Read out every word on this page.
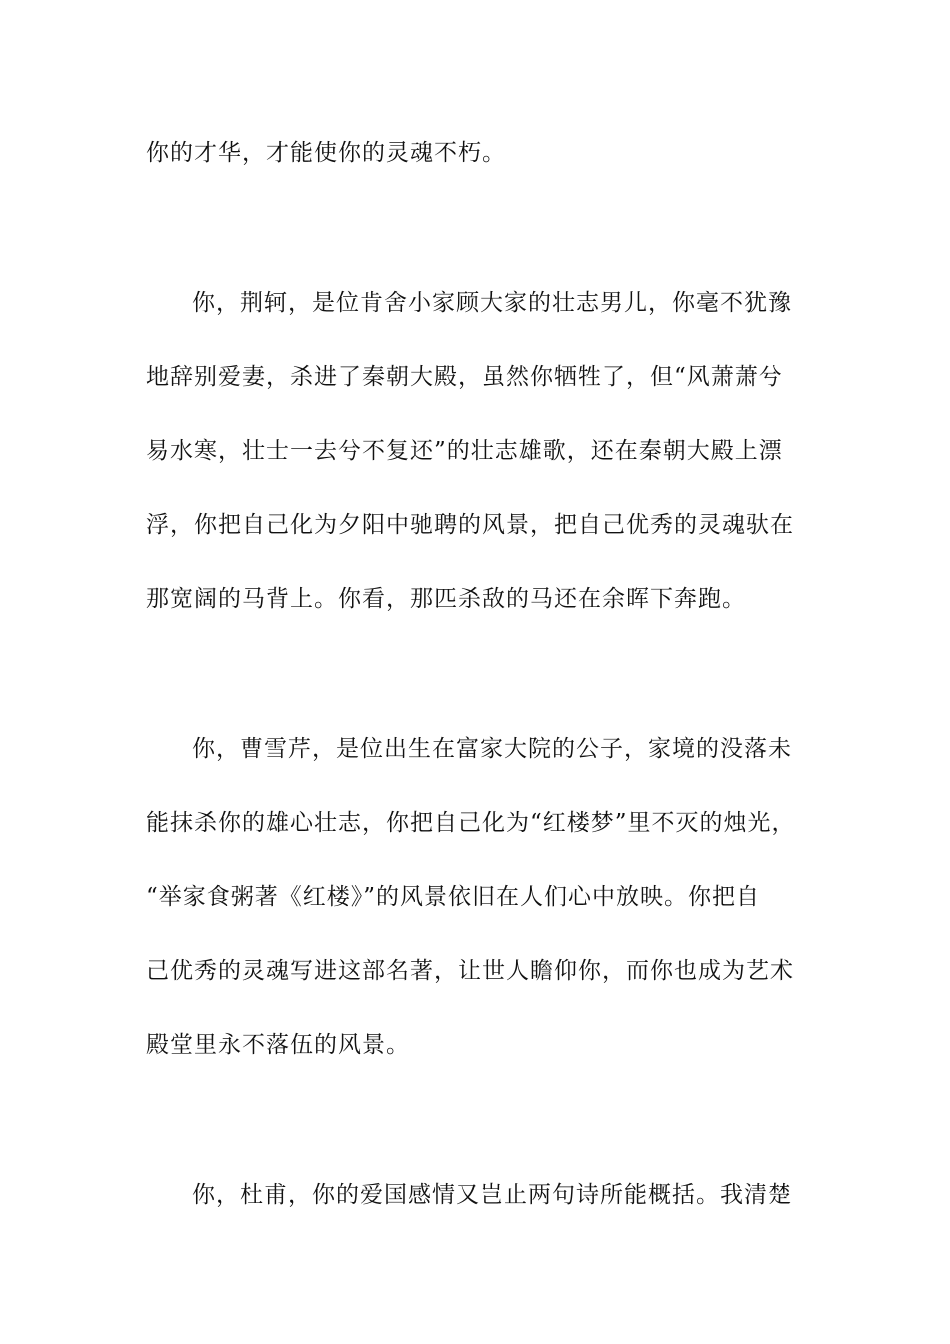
你的才华，才能使你的灵魂不朽。
你，荆轲，是位肯舍小家顾大家的壮志男儿，你毫不犹豫
地辞别爱妻，杀进了秦朝大殿，虽然你牺牲了，但“风萧萧兮
易水寒，壮士一去兮不复还”的壮志雄歌，还在秦朝大殿上漂
浮，你把自己化为夕阳中驰聘的风景，把自己优秀的灵魂驮在
那宽阔的马背上。你看，那匹杀敌的马还在余晖下奔跑。
你，曹雪芹，是位出生在富家大院的公子，家境的没落未
能抹杀你的雄心壮志，你把自己化为“红楼梦”里不灭的烛光，
“举家食粥著《红楼》”的风景依旧在人们心中放映。你把自
己优秀的灵魂写进这部名著，让世人瞻仰你，而你也成为艺术
殿堂里永不落伍的风景。
你，杜甫，你的爱国感情又岂止两句诗所能概括。我清楚
